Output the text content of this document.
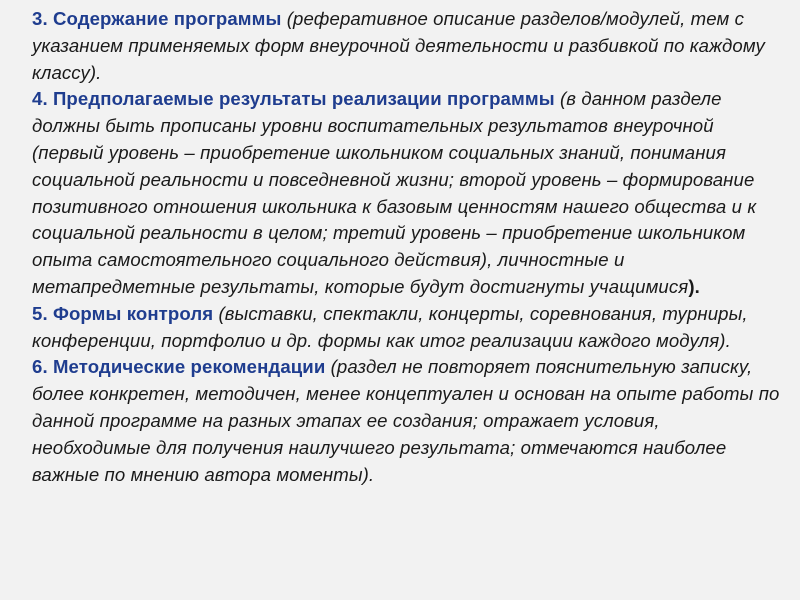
3. Содержание программы (реферативное описание разделов/модулей, тем с указанием применяемых форм внеурочной деятельности и разбивкой по каждому классу).

4. Предполагаемые результаты реализации программы (в данном разделе должны быть прописаны уровни воспитательных результатов внеурочной (первый уровень – приобретение школьником социальных знаний, понимания социальной реальности и повседневной жизни; второй уровень – формирование позитивного отношения школьника к базовым ценностям нашего общества и к социальной реальности в целом; третий уровень – приобретение школьником опыта самостоятельного социального действия), личностные и метапредметные результаты, которые будут достигнуты учащимися).

5. Формы контроля (выставки, спектакли, концерты, соревнования, турниры, конференции, портфолио и др. формы как итог реализации каждого модуля).

6. Методические рекомендации (раздел не повторяет пояснительную записку, более конкретен, методичен, менее концептуален и основан на опыте работы по данной программе на разных этапах ее создания; отражает условия, необходимые для получения наилучшего результата; отмечаются наиболее важные по мнению автора моменты).
